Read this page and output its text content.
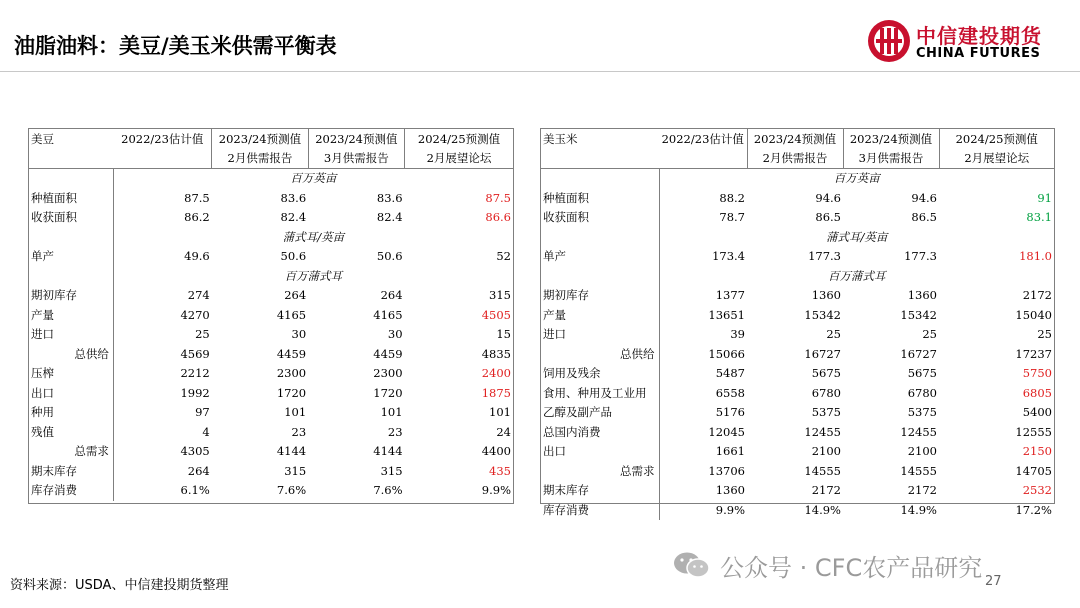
油脂油料：美豆/美玉米供需平衡表	中信建投期货
CHINA FUTURES
美豆	2022/23估计值	2023/24预测值	2023/24预测值	2024/25预测值
		2月供需报告	3月供需报告	2月展望论坛
	百万英亩			
种植面积	87.5	83.6	83.6	87.5
收获面积	86.2	82.4	82.4	86.6
	蒲式耳/英亩			
单产	49.6	50.6	50.6	52
	百万蒲式耳			
期初库存	274	264	264	315
产量	4270	4165	4165	4505
进口	25	30	30	15
总供给	4569	4459	4459	4835
压榨	2212	2300	2300	2400
出口	1992	1720	1720	1875
种用	97	101	101	101
残值	4	23	23	24
总需求	4305	4144	4144	4400
期末库存	264	315	315	435
库存消费	6.1%	7.6%	7.6%	9.9%
美玉米	2022/23估计值	2023/24预测值	2023/24预测值	2024/25预测值
		2月供需报告	3月供需报告	2月展望论坛
	百万英亩			
种植面积	88.2	94.6	94.6	91
收获面积	78.7	86.5	86.5	83.1
	蒲式耳/英亩			
单产	173.4	177.3	177.3	181.0
	百万蒲式耳			
期初库存	1377	1360	1360	2172
产量	13651	15342	15342	15040
进口	39	25	25	25
总供给	15066	16727	16727	17237
饲用及残余	5487	5675	5675	5750
食用、种用及工业用	6558	6780	6780	6805
乙醇及副产品	5176	5375	5375	5400
总国内消费	12045	12455	12455	12555
出口	1661	2100	2100	2150
总需求	13706	14555	14555	14705
期末库存	1360	2172	2172	2532
库存消费	9.9%	14.9%	14.9%	17.2%
资料来源：USDA、中信建投期货整理
公众号 · CFC农产品研究 27
